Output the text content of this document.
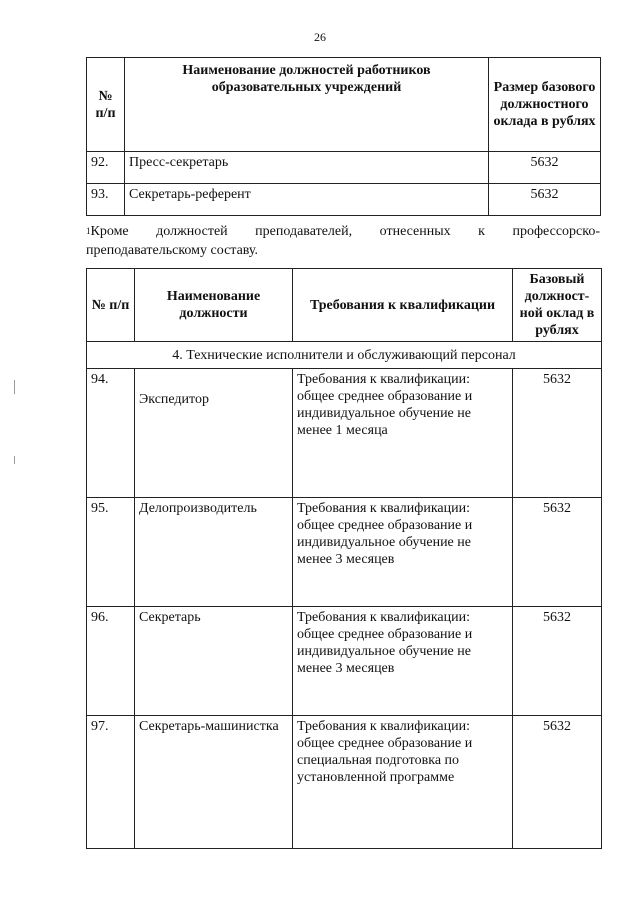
26
№ п/п	Наименование должностей работников образовательных учреждений	Размер базового должностного оклада в рублях
92.	Пресс-секретарь	5632
93.	Секретарь-референт	5632
$^1$Кроме должностей преподавателей, отнесенных к профессорско-преподавательскому составу.
№ п/п	Наименование должности	Требования к квалификации	Базовый должност-ной оклад в рублях
4. Технические исполнители и обслуживающий персонал			
94.	Экспедитор	Требования к квалификации: общее среднее образование и индивидуальное обучение не менее 1 месяца	5632
95.	Делопроизводитель	Требования к квалификации: общее среднее образование и индивидуальное обучение не менее 3 месяцев	5632
96.	Секретарь	Требования к квалификации: общее среднее образование и индивидуальное обучение не менее 3 месяцев	5632
97.	Секретарь-машинистка	Требования к квалификации: общее среднее образование и специальная подготовка по установленной программе	5632
